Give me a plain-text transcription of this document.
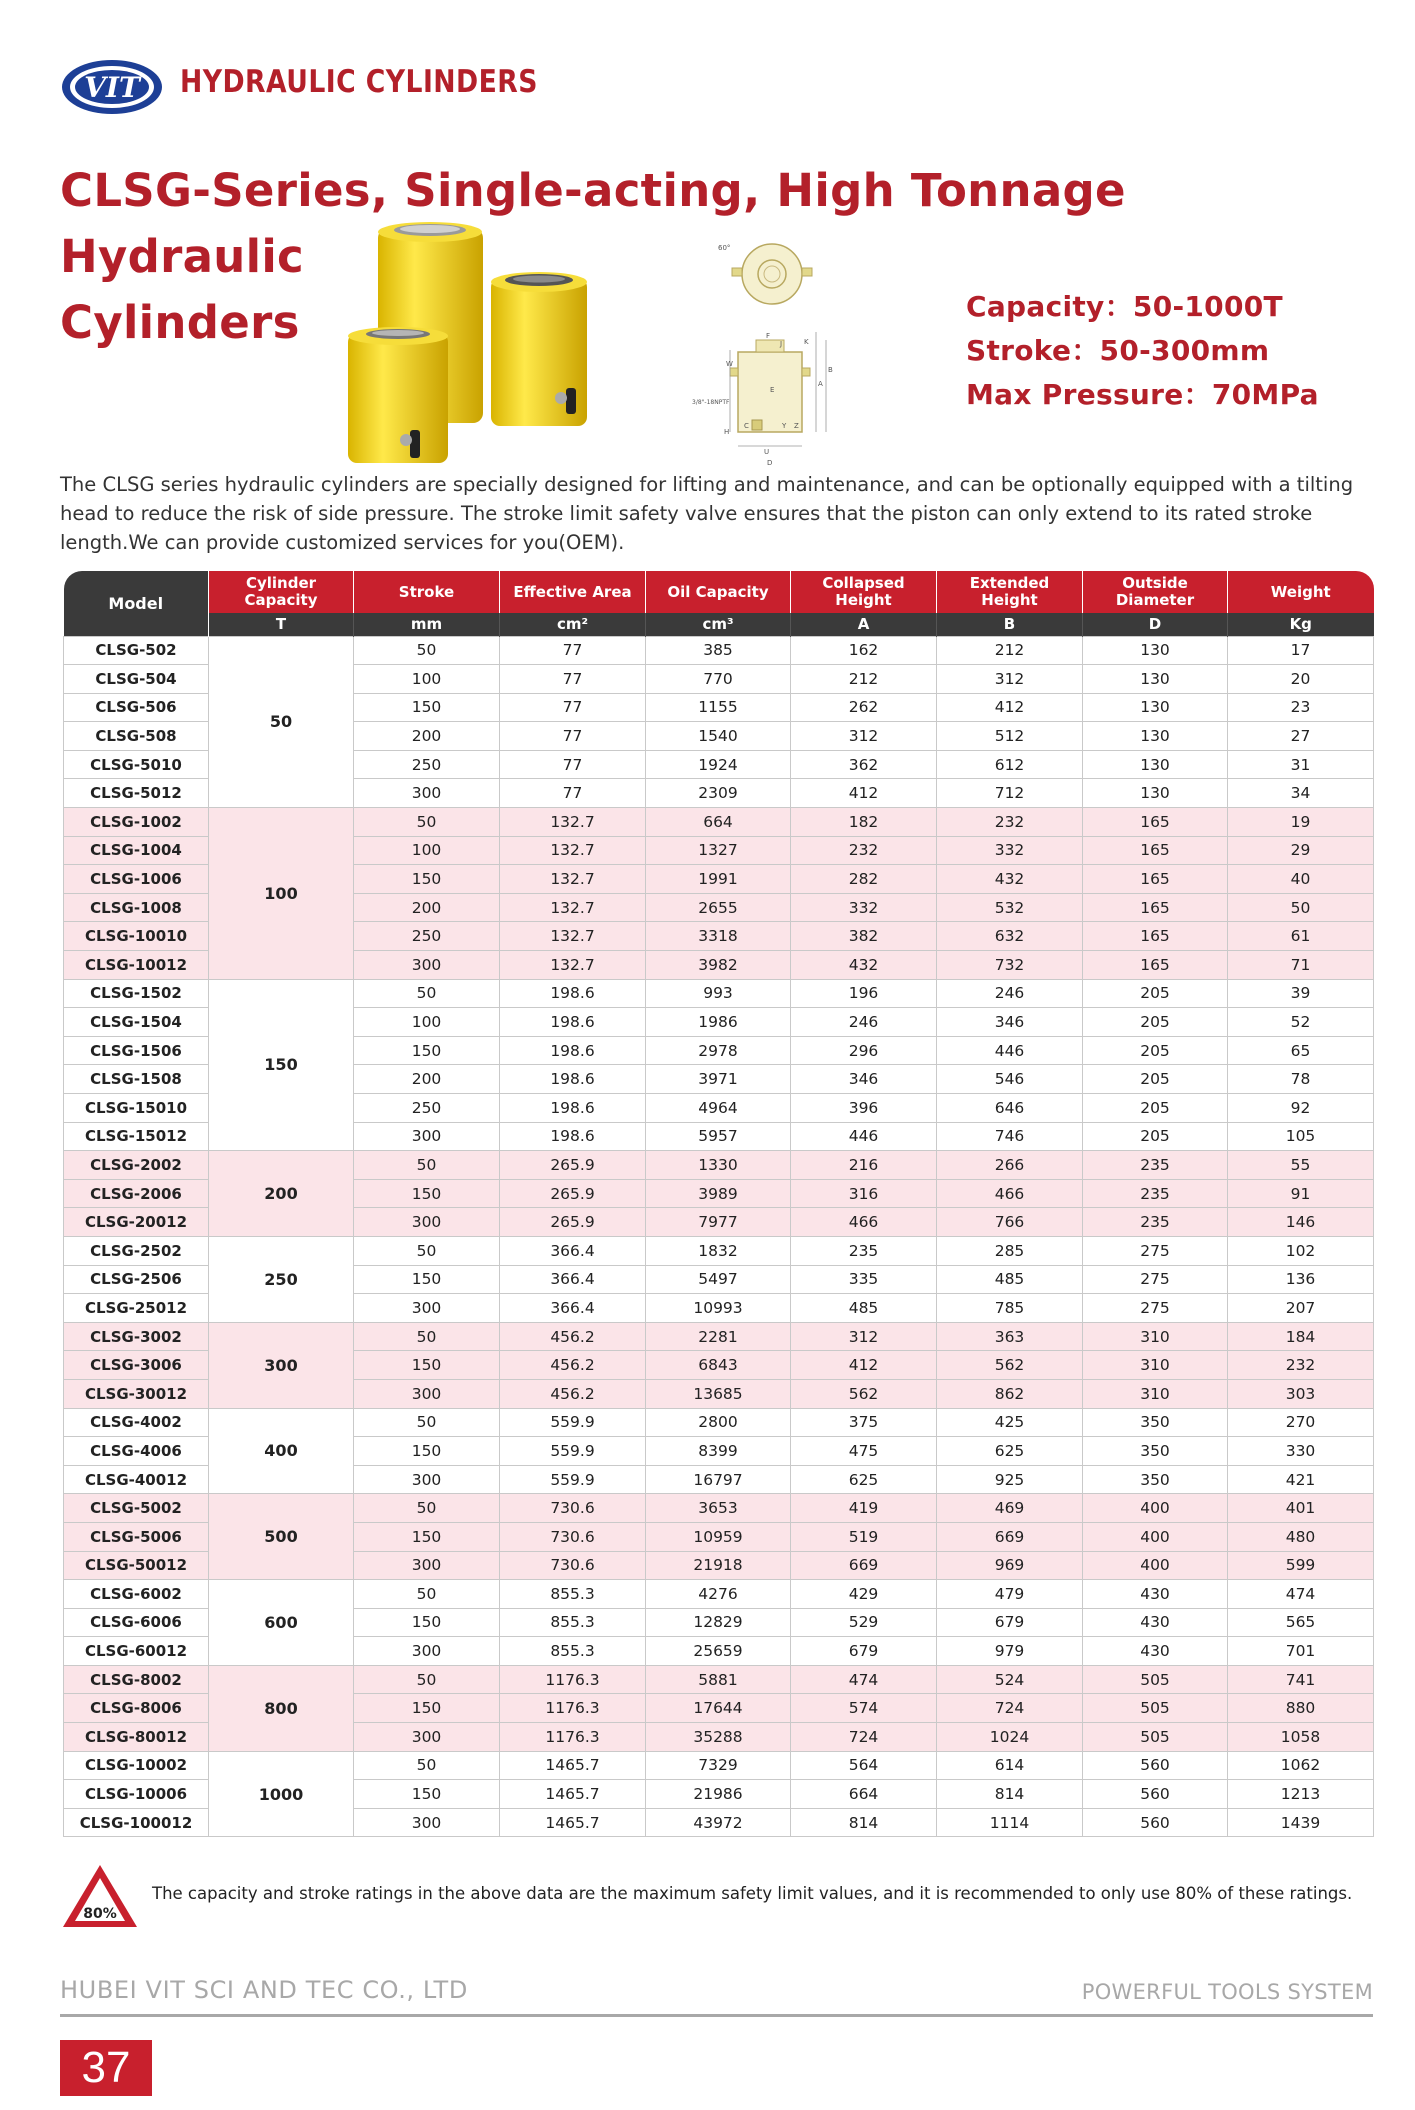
VIT HYDRAULIC CYLINDERS
CLSG-Series, Single-acting, High Tonnage Hydraulic
Cylinders
60°
A
B
D
E
F
H
J	K
U
W
Y Z
C
3/8"-18NPTF
Capacity：50-1000T
Stroke：50-300mm
Max Pressure：70MPa

The CLSG series hydraulic cylinders are specially designed for lifting and maintenance, and can be optionally equipped with a tilting head to reduce the risk of side pressure. The stroke limit safety valve ensures that the piston can only extend to its rated stroke length.We can provide customized services for you(OEM).

Model	Cylinder Capacity	Stroke	Effective Area	Oil Capacity	Collapsed Height	Extended Height	Outside Diameter	Weight
	T	mm	cm²	cm³	A	B	D	Kg
CLSG-502	50	50	77	385	162	212	130	17
CLSG-504		100	77	770	212	312	130	20
CLSG-506		150	77	1155	262	412	130	23
CLSG-508		200	77	1540	312	512	130	27
CLSG-5010		250	77	1924	362	612	130	31
CLSG-5012		300	77	2309	412	712	130	34
CLSG-1002	100	50	132.7	664	182	232	165	19
CLSG-1004		100	132.7	1327	232	332	165	29
CLSG-1006		150	132.7	1991	282	432	165	40
CLSG-1008		200	132.7	2655	332	532	165	50
CLSG-10010		250	132.7	3318	382	632	165	61
CLSG-10012		300	132.7	3982	432	732	165	71
CLSG-1502	150	50	198.6	993	196	246	205	39
CLSG-1504		100	198.6	1986	246	346	205	52
CLSG-1506		150	198.6	2978	296	446	205	65
CLSG-1508		200	198.6	3971	346	546	205	78
CLSG-15010		250	198.6	4964	396	646	205	92
CLSG-15012		300	198.6	5957	446	746	205	105
CLSG-2002	200	50	265.9	1330	216	266	235	55
CLSG-2006		150	265.9	3989	316	466	235	91
CLSG-20012		300	265.9	7977	466	766	235	146
CLSG-2502	250	50	366.4	1832	235	285	275	102
CLSG-2506		150	366.4	5497	335	485	275	136
CLSG-25012		300	366.4	10993	485	785	275	207
CLSG-3002	300	50	456.2	2281	312	363	310	184
CLSG-3006		150	456.2	6843	412	562	310	232
CLSG-30012		300	456.2	13685	562	862	310	303
CLSG-4002	400	50	559.9	2800	375	425	350	270
CLSG-4006		150	559.9	8399	475	625	350	330
CLSG-40012		300	559.9	16797	625	925	350	421
CLSG-5002	500	50	730.6	3653	419	469	400	401
CLSG-5006		150	730.6	10959	519	669	400	480
CLSG-50012		300	730.6	21918	669	969	400	599
CLSG-6002	600	50	855.3	4276	429	479	430	474
CLSG-6006		150	855.3	12829	529	679	430	565
CLSG-60012		300	855.3	25659	679	979	430	701
CLSG-8002	800	50	1176.3	5881	474	524	505	741
CLSG-8006		150	1176.3	17644	574	724	505	880
CLSG-80012		300	1176.3	35288	724	1024	505	1058
CLSG-10002	1000	50	1465.7	7329	564	614	560	1062
CLSG-10006		150	1465.7	21986	664	814	560	1213
CLSG-100012		300	1465.7	43972	814	1114	560	1439
80%
The capacity and stroke ratings in the above data are the maximum safety limit values, and it is recommended to only use 80% of these ratings.
HUBEI VIT SCI AND TEC CO., LTD	POWERFUL TOOLS SYSTEM
37
